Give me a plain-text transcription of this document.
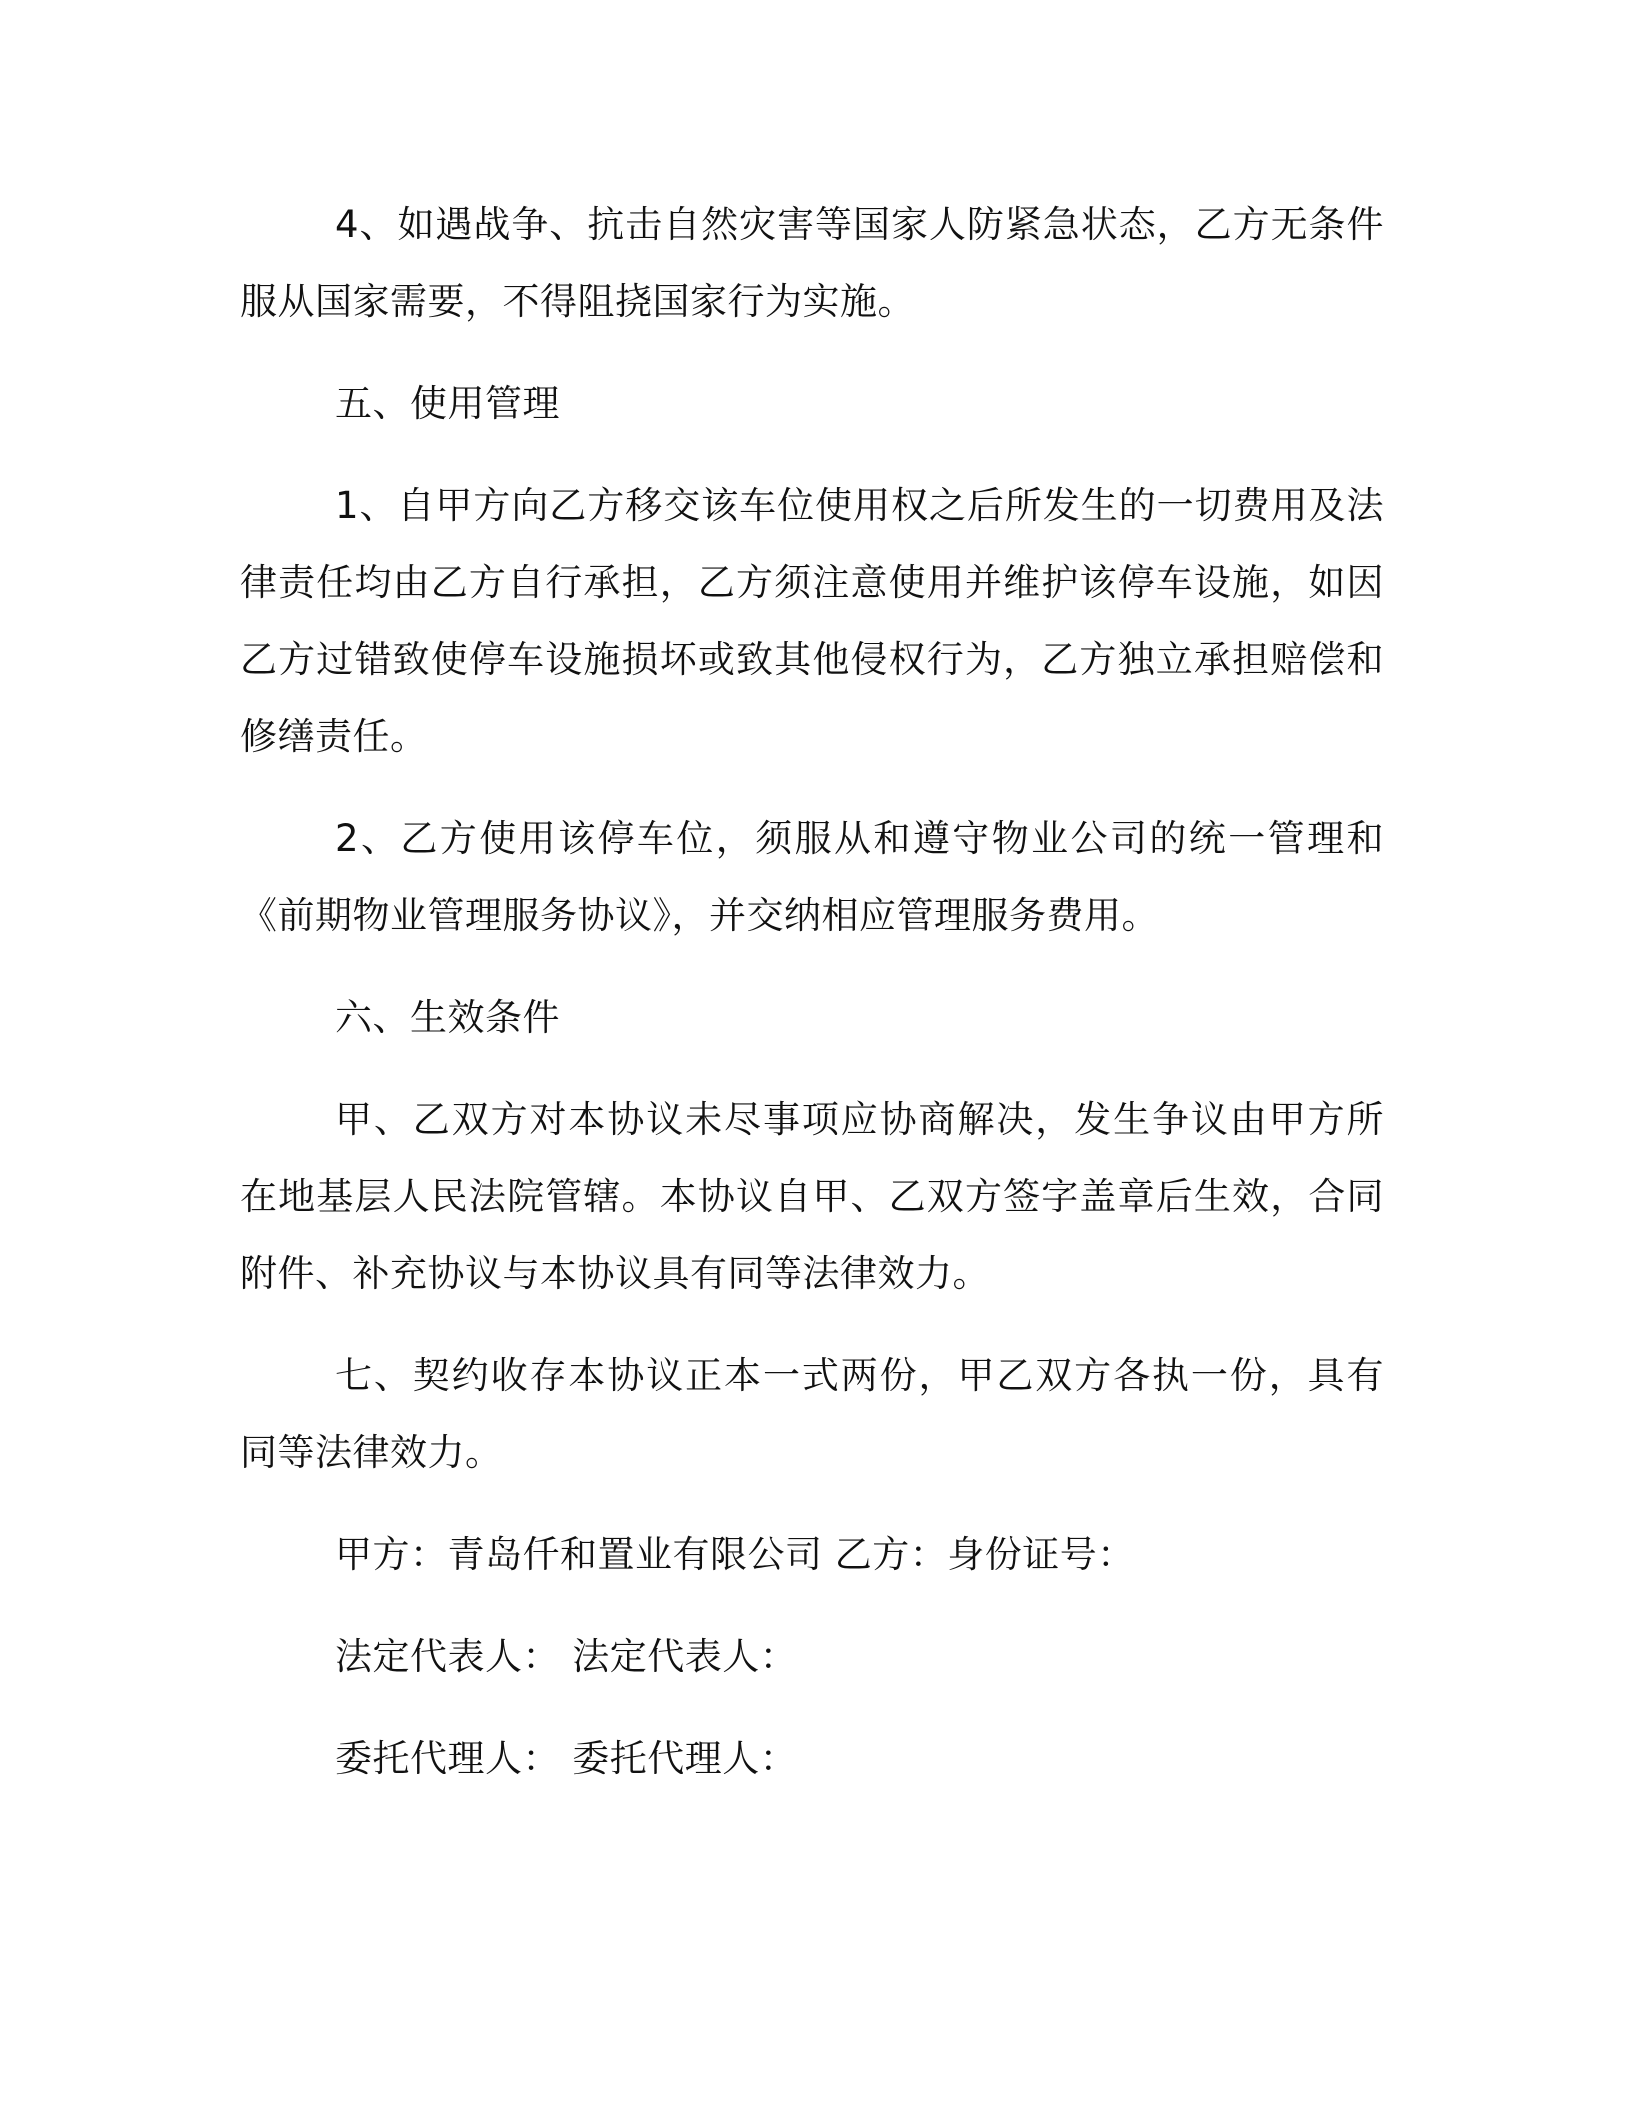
4、如遇战争、抗击自然灾害等国家人防紧急状态，乙方无条件服从国家需要，不得阻挠国家行为实施。

五、使用管理

1、自甲方向乙方移交该车位使用权之后所发生的一切费用及法律责任均由乙方自行承担，乙方须注意使用并维护该停车设施，如因乙方过错致使停车设施损坏或致其他侵权行为，乙方独立承担赔偿和修缮责任。

2、乙方使用该停车位，须服从和遵守物业公司的统一管理和《前期物业管理服务协议》，并交纳相应管理服务费用。

六、生效条件

甲、乙双方对本协议未尽事项应协商解决，发生争议由甲方所在地基层人民法院管辖。本协议自甲、乙双方签字盖章后生效，合同附件、补充协议与本协议具有同等法律效力。

七、契约收存本协议正本一式两份，甲乙双方各执一份，具有同等法律效力。

甲方：青岛仟和置业有限公司 乙方：身份证号：

法定代表人： 法定代表人：

委托代理人： 委托代理人：
